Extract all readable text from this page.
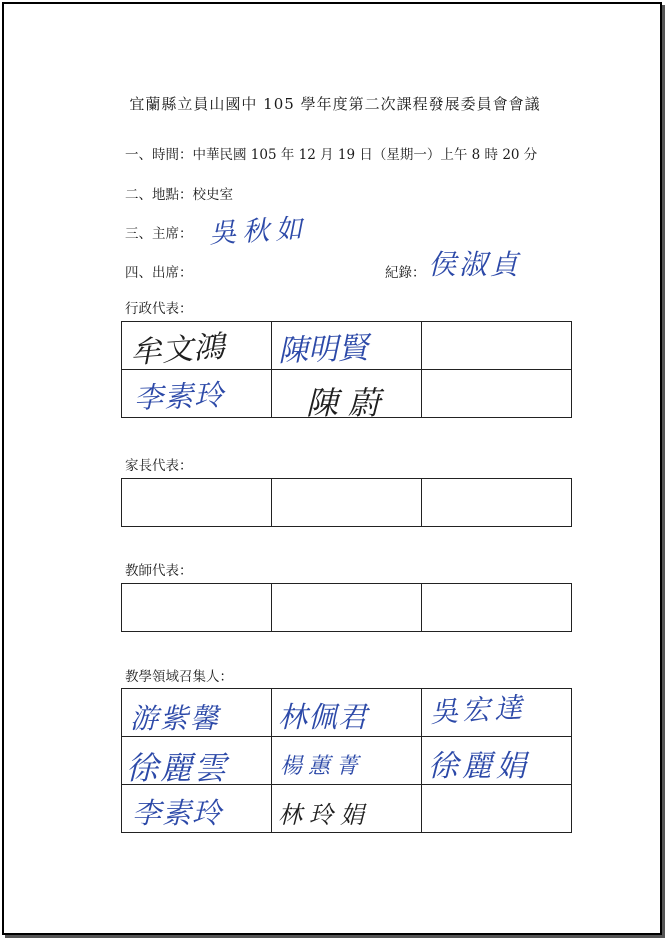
宜蘭縣立員山國中 105 學年度第二次課程發展委員會會議
一、時間：中華民國 105 年 12 月 19 日（星期一）上午 8 時 20 分
二、地點：校史室
三、主席： 吳秋如
四、出席：	紀錄： 侯淑貞
行政代表：
牟文鴻	陳明賢	

李素玲	陳蔚	

家長代表：

教師代表：

教學領域召集人：
游紫馨	林佩君	吳宏達

徐麗雲	楊蕙菁	徐麗娟

李素玲	林玲娟	
